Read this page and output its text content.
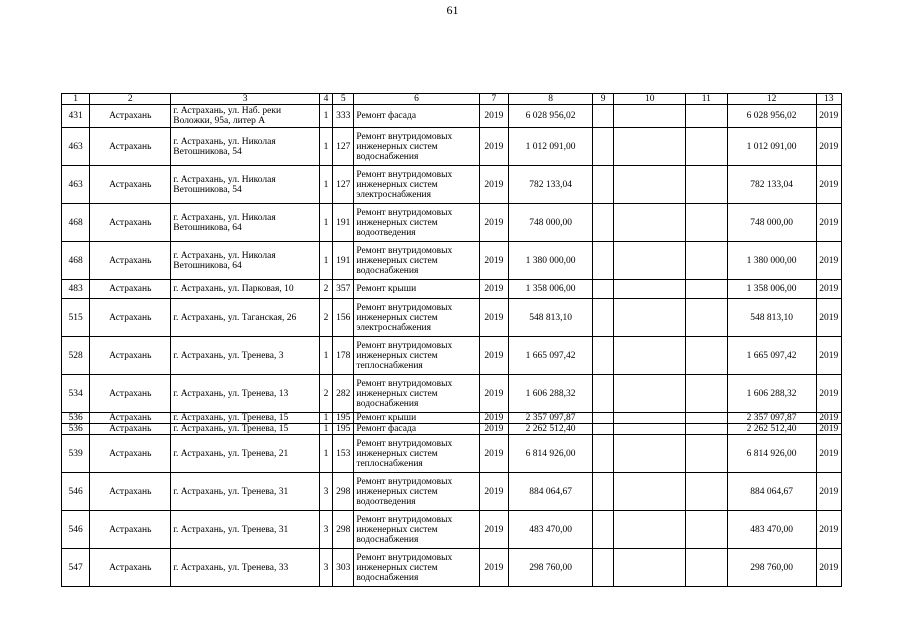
61
1	2	3	4	5	6	7	8	9	10	11	12	13
431	Астрахань	г. Астрахань, ул. Наб. реки Воложки, 95а, литер А	1	333	Ремонт фасада	2019	6 028 956,02				6 028 956,02	2019
463	Астрахань	г. Астрахань, ул. Николая Ветошникова, 54	1	127	Ремонт внутридомовых инженерных систем водоснабжения	2019	1 012 091,00				1 012 091,00	2019
463	Астрахань	г. Астрахань, ул. Николая Ветошникова, 54	1	127	Ремонт внутридомовых инженерных систем электроснабжения	2019	782 133,04				782 133,04	2019
468	Астрахань	г. Астрахань, ул. Николая Ветошникова, 64	1	191	Ремонт внутридомовых инженерных систем водоотведения	2019	748 000,00				748 000,00	2019
468	Астрахань	г. Астрахань, ул. Николая Ветошникова, 64	1	191	Ремонт внутридомовых инженерных систем водоснабжения	2019	1 380 000,00				1 380 000,00	2019
483	Астрахань	г. Астрахань, ул. Парковая, 10	2	357	Ремонт крыши	2019	1 358 006,00				1 358 006,00	2019
515	Астрахань	г. Астрахань, ул. Таганская, 26	2	156	Ремонт внутридомовых инженерных систем электроснабжения	2019	548 813,10				548 813,10	2019
528	Астрахань	г. Астрахань, ул. Тренева, 3	1	178	Ремонт внутридомовых инженерных систем теплоснабжения	2019	1 665 097,42				1 665 097,42	2019
534	Астрахань	г. Астрахань, ул. Тренева, 13	2	282	Ремонт внутридомовых инженерных систем водоснабжения	2019	1 606 288,32				1 606 288,32	2019
536	Астрахань	г. Астрахань, ул. Тренева, 15	1	195	Ремонт крыши	2019	2 357 097,87				2 357 097,87	2019
536	Астрахань	г. Астрахань, ул. Тренева, 15	1	195	Ремонт фасада	2019	2 262 512,40				2 262 512,40	2019
539	Астрахань	г. Астрахань, ул. Тренева, 21	1	153	Ремонт внутридомовых инженерных систем теплоснабжения	2019	6 814 926,00				6 814 926,00	2019
546	Астрахань	г. Астрахань, ул. Тренева, 31	3	298	Ремонт внутридомовых инженерных систем водоотведения	2019	884 064,67				884 064,67	2019
546	Астрахань	г. Астрахань, ул. Тренева, 31	3	298	Ремонт внутридомовых инженерных систем водоснабжения	2019	483 470,00				483 470,00	2019
547	Астрахань	г. Астрахань, ул. Тренева, 33	3	303	Ремонт внутридомовых инженерных систем водоснабжения	2019	298 760,00				298 760,00	2019
